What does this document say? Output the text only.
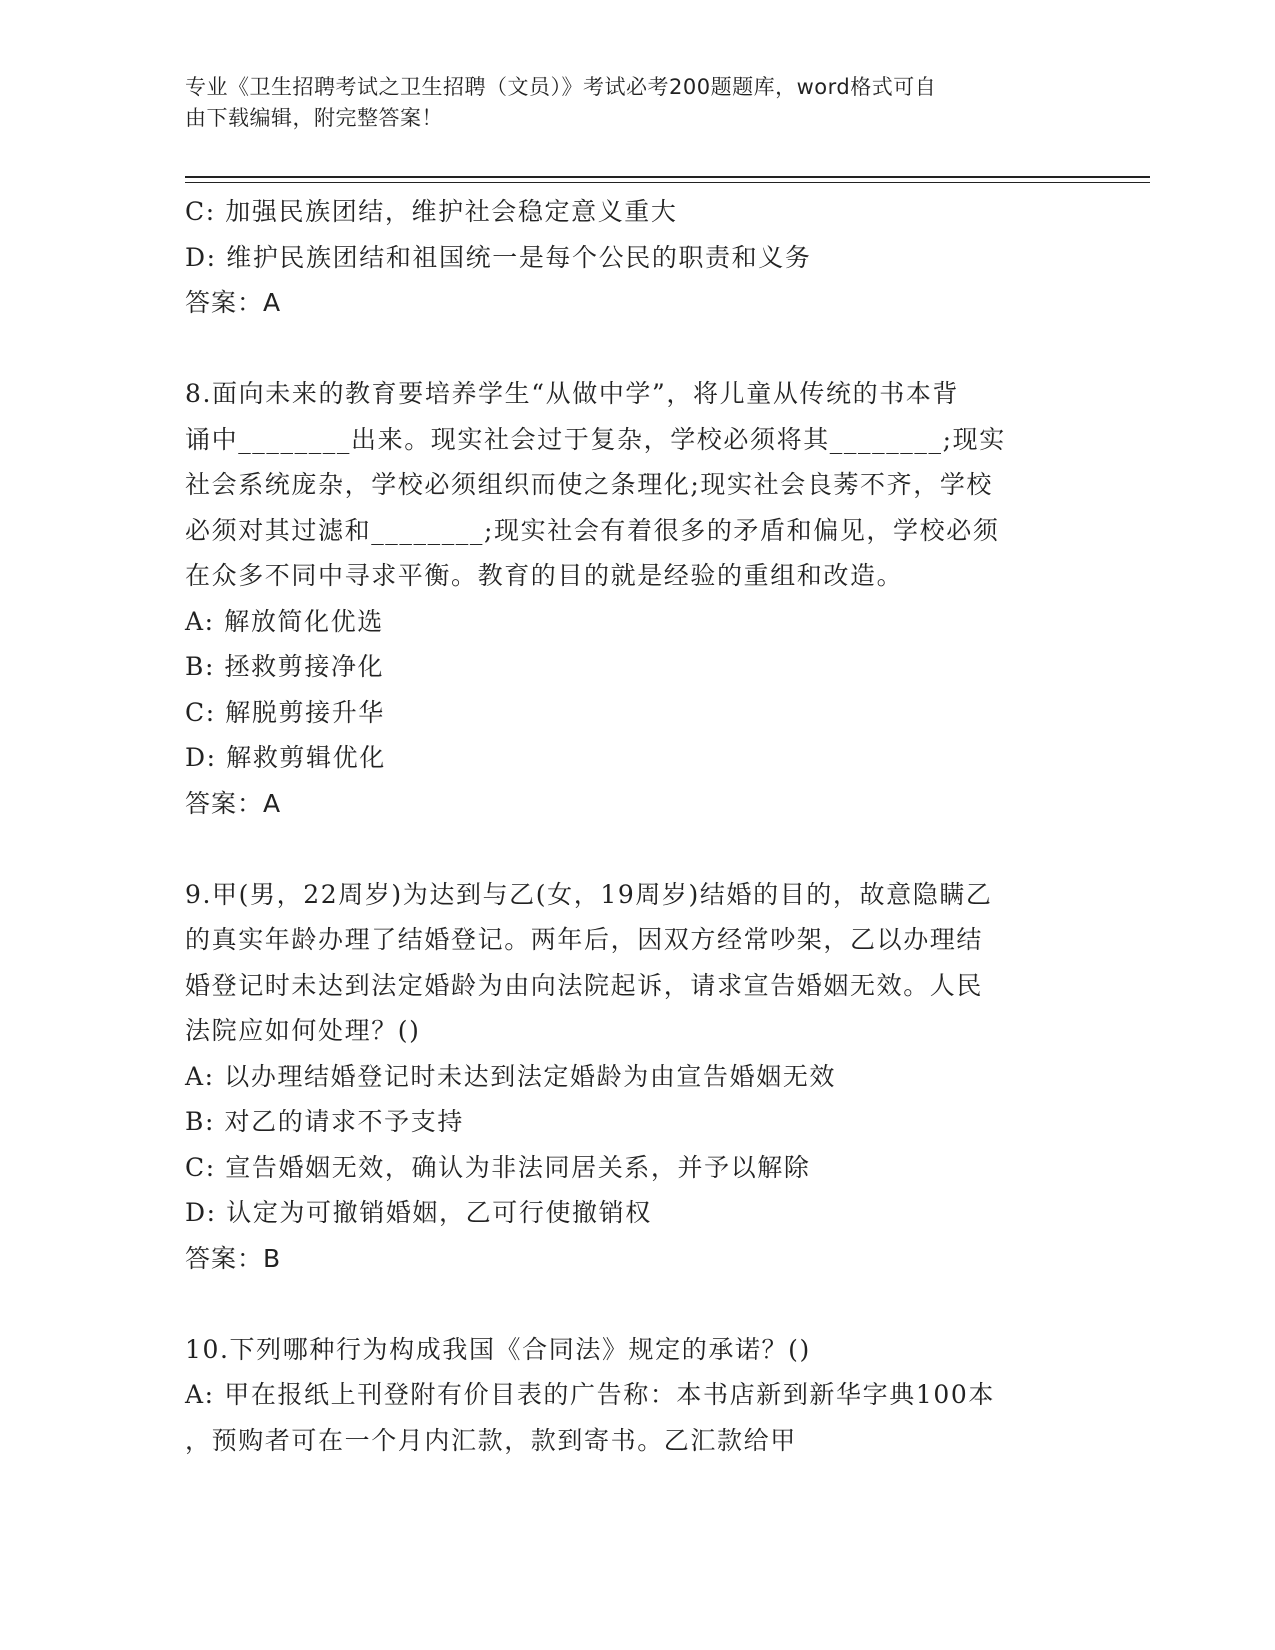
专业《卫生招聘考试之卫生招聘（文员）》考试必考200题题库，word格式可自
由下载编辑，附完整答案！
C: 加强民族团结，维护社会稳定意义重大
D: 维护民族团结和祖国统一是每个公民的职责和义务
答案：A
8.面向未来的教育要培养学生“从做中学”，将儿童从传统的书本背
诵中________出来。现实社会过于复杂，学校必须将其________;现实
社会系统庞杂，学校必须组织而使之条理化;现实社会良莠不齐，学校
必须对其过滤和________;现实社会有着很多的矛盾和偏见，学校必须
在众多不同中寻求平衡。教育的目的就是经验的重组和改造。
A: 解放简化优选
B: 拯救剪接净化
C: 解脱剪接升华
D: 解救剪辑优化
答案：A
9.甲(男，22周岁)为达到与乙(女，19周岁)结婚的目的，故意隐瞒乙
的真实年龄办理了结婚登记。两年后，因双方经常吵架，乙以办理结
婚登记时未达到法定婚龄为由向法院起诉，请求宣告婚姻无效。人民
法院应如何处理？()
A: 以办理结婚登记时未达到法定婚龄为由宣告婚姻无效
B: 对乙的请求不予支持
C: 宣告婚姻无效，确认为非法同居关系，并予以解除
D: 认定为可撤销婚姻，乙可行使撤销权
答案：B
10.下列哪种行为构成我国《合同法》规定的承诺？()
A: 甲在报纸上刊登附有价目表的广告称：本书店新到新华字典100本
，预购者可在一个月内汇款，款到寄书。乙汇款给甲
